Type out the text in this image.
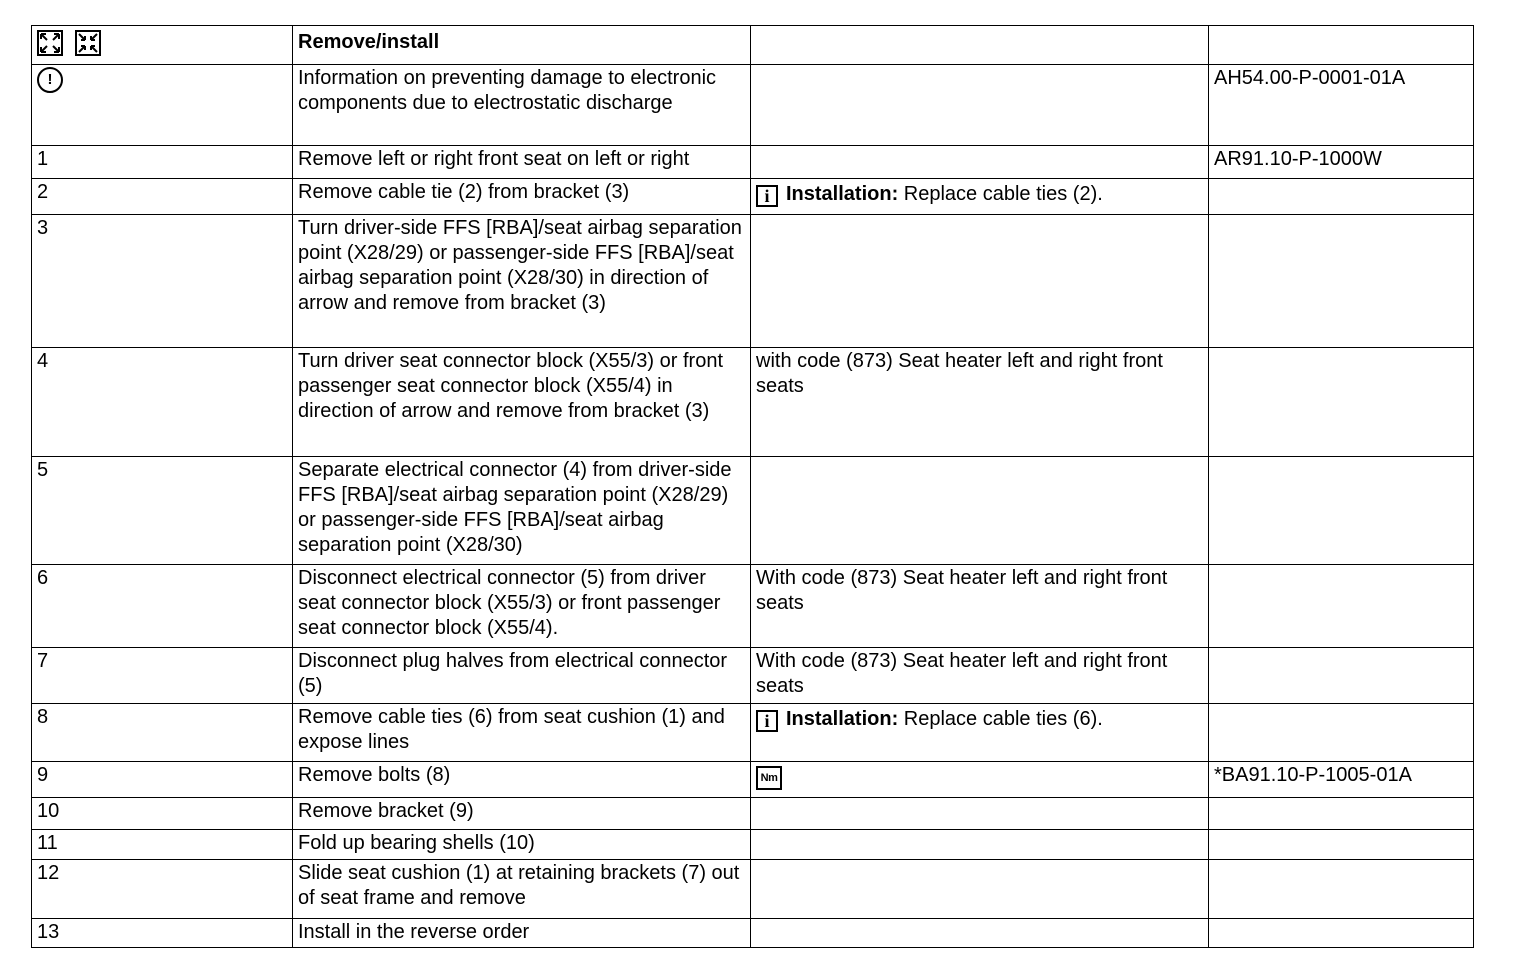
	Remove/install		
!	Information on preventing damage to electronic components due to electrostatic discharge		AH54.00-P-0001-01A
1	Remove left or right front seat on left or right		AR91.10-P-1000W
2	Remove cable tie (2) from bracket (3)	i Installation: Replace cable ties (2).	
3	Turn driver-side FFS [RBA]/seat airbag separation point (X28/29) or passenger-side FFS [RBA]/seat airbag separation point (X28/30) in direction of arrow and remove from bracket (3)		
4	Turn driver seat connector block (X55/3) or front passenger seat connector block (X55/4) in direction of arrow and remove from bracket (3)	with code (873) Seat heater left and right front seats	
5	Separate electrical connector (4) from driver-side FFS [RBA]/seat airbag separation point (X28/29) or passenger-side FFS [RBA]/seat airbag separation point (X28/30)		
6	Disconnect electrical connector (5) from driver seat connector block (X55/3) or front passenger seat connector block (X55/4).	With code (873) Seat heater left and right front seats	
7	Disconnect plug halves from electrical connector (5)	With code (873) Seat heater left and right front seats	
8	Remove cable ties (6) from seat cushion (1) and expose lines	i Installation: Replace cable ties (6).	
9	Remove bolts (8)	Nm	*BA91.10-P-1005-01A
10	Remove bracket (9)		
11	Fold up bearing shells (10)		
12	Slide seat cushion (1) at retaining brackets (7) out of seat frame and remove		
13	Install in the reverse order		
